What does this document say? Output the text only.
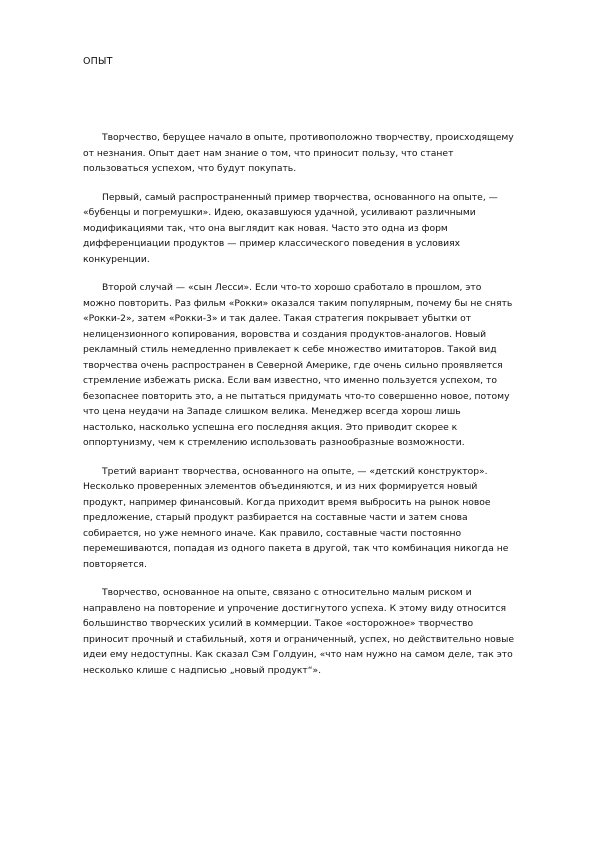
ОПЫТ

Творчество, берущее начало в опыте, противоположно творчеству, происходящему от незнания. Опыт дает нам знание о том, что приносит пользу, что станет пользоваться успехом, что будут покупать.

Первый, самый распространенный пример творчества, основанного на опыте, — «бубенцы и погремушки». Идею, оказавшуюся удачной, усиливают различными модификациями так, что она выглядит как новая. Часто это одна из форм дифференциации продуктов — пример классического поведения в условиях конкуренции.

Второй случай — «сын Лесси». Если что-то хорошо сработало в прошлом, это можно повторить. Раз фильм «Рокки» оказался таким популярным, почему бы не снять «Рокки-2», затем «Рокки-3» и так далее. Такая стратегия покрывает убытки от нелицензионного копирования, воровства и создания продуктов-аналогов. Новый рекламный стиль немедленно привлекает к себе множество имитаторов. Такой вид творчества очень распространен в Северной Америке, где очень сильно проявляется стремление избежать риска. Если вам известно, что именно пользуется успехом, то безопаснее повторить это, а не пытаться придумать что-то совершенно новое, потому что цена неудачи на Западе слишком велика. Менеджер всегда хорош лишь настолько, насколько успешна его последняя акция. Это приводит скорее к оппортунизму, чем к стремлению использовать разнообразные возможности.

Третий вариант творчества, основанного на опыте, — «детский конструктор». Несколько проверенных элементов объединяются, и из них формируется новый продукт, например финансовый. Когда приходит время выбросить на рынок новое предложение, старый продукт разбирается на составные части и затем снова собирается, но уже немного иначе. Как правило, составные части постоянно перемешиваются, попадая из одного пакета в другой, так что комбинация никогда не повторяется.

Творчество, основанное на опыте, связано с относительно малым риском и направлено на повторение и упрочение достигнутого успеха. К этому виду относится большинство творческих усилий в коммерции. Такое «осторожное» творчество приносит прочный и стабильный, хотя и ограниченный, успех, но действительно новые идеи ему недоступны. Как сказал Сэм Голдуин, «что нам нужно на самом деле, так это несколько клише с надписью „новый продукт“».
